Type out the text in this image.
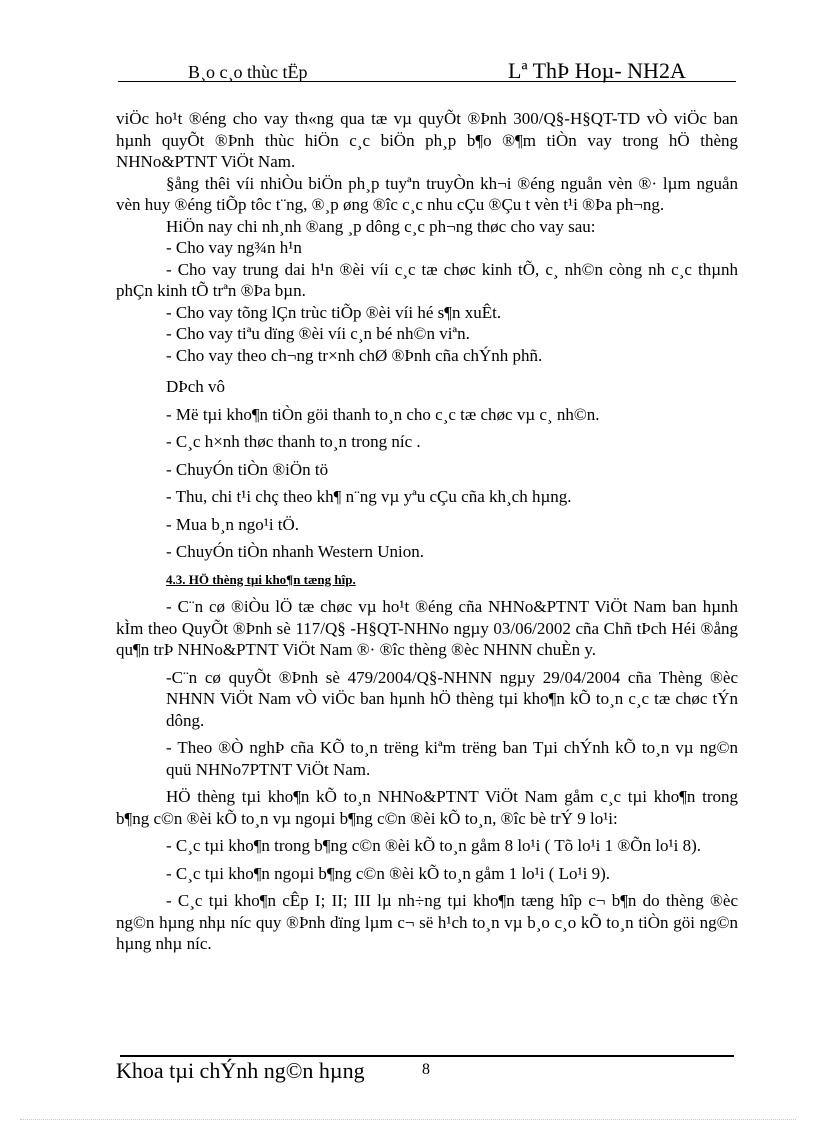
B¸o c¸o thùc tËp	Lª ThÞ Hoµ- NH2A

viÖc ho¹t ®éng cho vay th«ng qua tæ vµ quyÕt ®Þnh 300/Q§-H§QT-TD vÒ viÖc ban hµnh quyÕt ®Þnh thùc hiÖn c¸c biÖn ph¸p b¶o ®¶m tiÒn vay trong hÖ thèng NHNo&PTNT ViÖt Nam.

§ång thêi víi nhiÒu biÖn ph¸p tuyªn truyÒn kh¬i ®éng nguån vèn ®· lµm nguån vèn huy ®éng tiÕp tôc t¨ng, ®¸p øng ®îc c¸c nhu cÇu ®Çu t vèn t¹i ®Þa ph¬ng.

HiÖn nay chi nh¸nh ®ang ¸p dông c¸c ph¬ng thøc cho vay sau:

- Cho vay ng¾n h¹n

- Cho vay trung dai h¹n ®èi víi c¸c tæ chøc kinh tÕ, c¸ nh©n còng nh c¸c thµnh phÇn kinh tÕ trªn ®Þa bµn.

- Cho vay tõng lÇn trùc tiÕp ®èi víi hé s¶n xuÊt.

- Cho vay tiªu dïng ®èi víi c¸n bé nh©n viªn.

- Cho vay theo ch¬ng tr×nh chØ ®Þnh cña chÝnh phñ.

DÞch vô

- Më tµi kho¶n tiÒn göi thanh to¸n cho c¸c tæ chøc vµ c¸ nh©n.

- C¸c h×nh thøc thanh to¸n trong níc .

- ChuyÓn tiÒn ®iÖn tö

- Thu, chi t¹i chç theo kh¶ n¨ng vµ yªu cÇu cña kh¸ch hµng.

- Mua b¸n ngo¹i tÖ.

- ChuyÓn tiÒn nhanh Western Union.

4.3. HÖ thèng tµi kho¶n tæng hîp.

- C¨n cø ®iÒu lÖ tæ chøc vµ ho¹t ®éng cña NHNo&PTNT ViÖt Nam ban hµnh kÌm theo QuyÕt ®Þnh sè 117/Q§ -H§QT-NHNo ngµy 03/06/2002 cña Chñ tÞch Héi ®ång qu¶n trÞ NHNo&PTNT ViÖt Nam ®· ®îc thèng ®èc NHNN chuÈn y.

-C¨n cø quyÕt ®Þnh sè 479/2004/Q§-NHNN ngµy 29/04/2004 cña Thèng ®èc NHNN ViÖt Nam vÒ viÖc ban hµnh hÖ thèng tµi kho¶n kÕ to¸n c¸c tæ chøc tÝn dông.

- Theo ®Ò nghÞ cña KÕ to¸n trëng kiªm trëng ban Tµi chÝnh kÕ to¸n vµ ng©n quü NHNo7PTNT ViÖt Nam.

HÖ thèng tµi kho¶n kÕ to¸n NHNo&PTNT ViÖt Nam gåm c¸c tµi kho¶n trong b¶ng c©n ®èi kÕ to¸n vµ ngoµi b¶ng c©n ®èi kÕ to¸n, ®îc bè trÝ 9 lo¹i:

- C¸c tµi kho¶n trong b¶ng c©n ®èi kÕ to¸n gåm 8 lo¹i ( Tõ lo¹i 1 ®Õn lo¹i 8).

- C¸c tµi kho¶n ngoµi b¶ng c©n ®èi kÕ to¸n gåm 1 lo¹i ( Lo¹i 9).

- C¸c tµi kho¶n cÊp I; II; III lµ nh÷ng tµi kho¶n tæng hîp c¬ b¶n do thèng ®èc ng©n hµng nhµ níc quy ®Þnh dïng lµm c¬ së h¹ch to¸n vµ b¸o c¸o kÕ to¸n tiÒn göi ng©n hµng nhµ níc.

Khoa tµi chÝnh ng©n hµng	8
